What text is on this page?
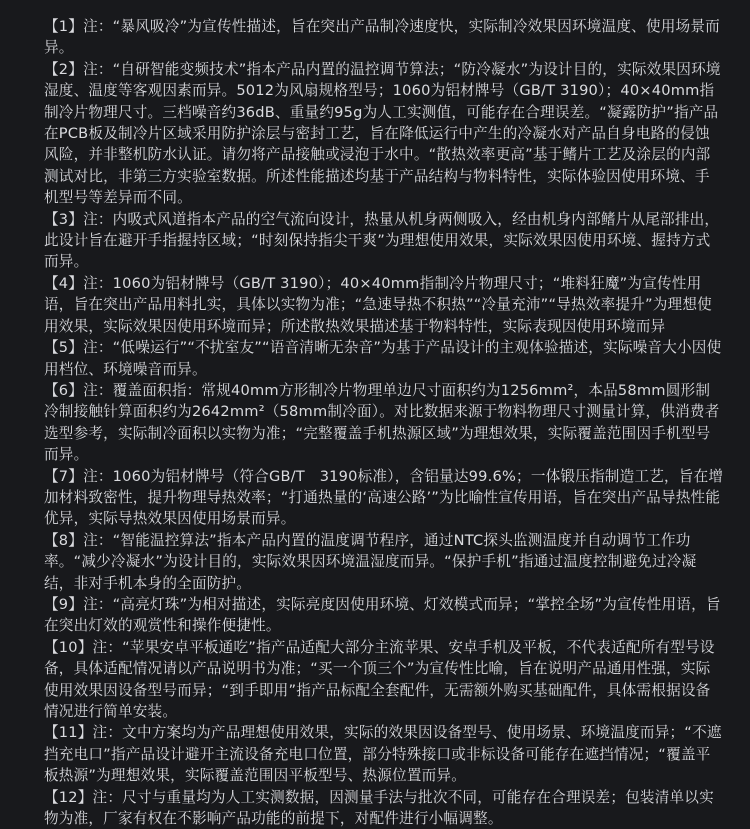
【1】注：“暴风吸冷”为宣传性描述，旨在突出产品制冷速度快，实际制冷效果因环境温度、使用场景而异。

【2】注：“自研智能变频技术”指本产品内置的温控调节算法；“防冷凝水”为设计目的，实际效果因环境湿度、温度等客观因素而异。5012为风扇规格型号；1060为铝材牌号（GB/T 3190）；40×40mm指制冷片物理尺寸。三档噪音约36dB、重量约95g为人工实测值，可能存在合理误差。“凝露防护”指产品在PCB板及制冷片区域采用防护涂层与密封工艺，旨在降低运行中产生的冷凝水对产品自身电路的侵蚀风险，并非整机防水认证。请勿将产品接触或浸泡于水中。“散热效率更高”基于鳍片工艺及涂层的内部测试对比，非第三方实验室数据。所述性能描述均基于产品结构与物料特性，实际体验因使用环境、手机型号等差异而不同。

【3】注：内吸式风道指本产品的空气流向设计，热量从机身两侧吸入，经由机身内部鳍片从尾部排出，此设计旨在避开手指握持区域；“时刻保持指尖干爽”为理想使用效果，实际效果因使用环境、握持方式而异。

【4】注：1060为铝材牌号（GB/T 3190）；40×40mm指制冷片物理尺寸；“堆料狂魔”为宣传性用语，旨在突出产品用料扎实，具体以实物为准；“急速导热不积热”“冷量充沛”“导热效率提升”为理想使用效果，实际效果因使用环境而异；所述散热效果描述基于物料特性，实际表现因使用环境而异

【5】注：“低噪运行”“不扰室友”“语音清晰无杂音”为基于产品设计的主观体验描述，实际噪音大小因使用档位、环境噪音而异。

【6】注：覆盖面积指：常规40mm方形制冷片物理单边尺寸面积约为1256mm²，本品58mm圆形制冷制接触针算面积约为2642mm²（58mm制冷面）。对比数据来源于物料物理尺寸测量计算，供消费者选型参考，实际制冷面积以实物为准；“完整覆盖手机热源区域”为理想效果，实际覆盖范围因手机型号而异。

【7】注：1060为铝材牌号（符合GB/T　3190标准），含铝量达99.6%；一体锻压指制造工艺，旨在增加材料致密性，提升物理导热效率；“打通热量的‘高速公路’”为比喻性宣传用语，旨在突出产品导热性能优异，实际导热效果因使用场景而异。

【8】注：“智能温控算法”指本产品内置的温度调节程序，通过NTC探头监测温度并自动调节工作功率。“减少冷凝水”为设计目的，实际效果因环境温湿度而异。“保护手机”指通过温度控制避免过冷凝结，非对手机本身的全面防护。

【9】注：“高亮灯珠”为相对描述，实际亮度因使用环境、灯效模式而异；“掌控全场”为宣传性用语，旨在突出灯效的观赏性和操作便捷性。

【10】注：“苹果安卓平板通吃”指产品适配大部分主流苹果、安卓手机及平板，不代表适配所有型号设备，具体适配情况请以产品说明书为准；“买一个顶三个”为宣传性比喻，旨在说明产品通用性强，实际使用效果因设备型号而异；“到手即用”指产品标配全套配件，无需额外购买基础配件，具体需根据设备情况进行简单安装。

【11】注：文中方案均为产品理想使用效果，实际的效果因设备型号、使用场景、环境温度而异；“不遮挡充电口”指产品设计避开主流设备充电口位置，部分特殊接口或非标设备可能存在遮挡情况；“覆盖平板热源”为理想效果，实际覆盖范围因平板型号、热源位置而异。

【12】注：尺寸与重量均为人工实测数据，因测量手法与批次不同，可能存在合理误差；包装清单以实物为准，厂家有权在不影响产品功能的前提下，对配件进行小幅调整。
